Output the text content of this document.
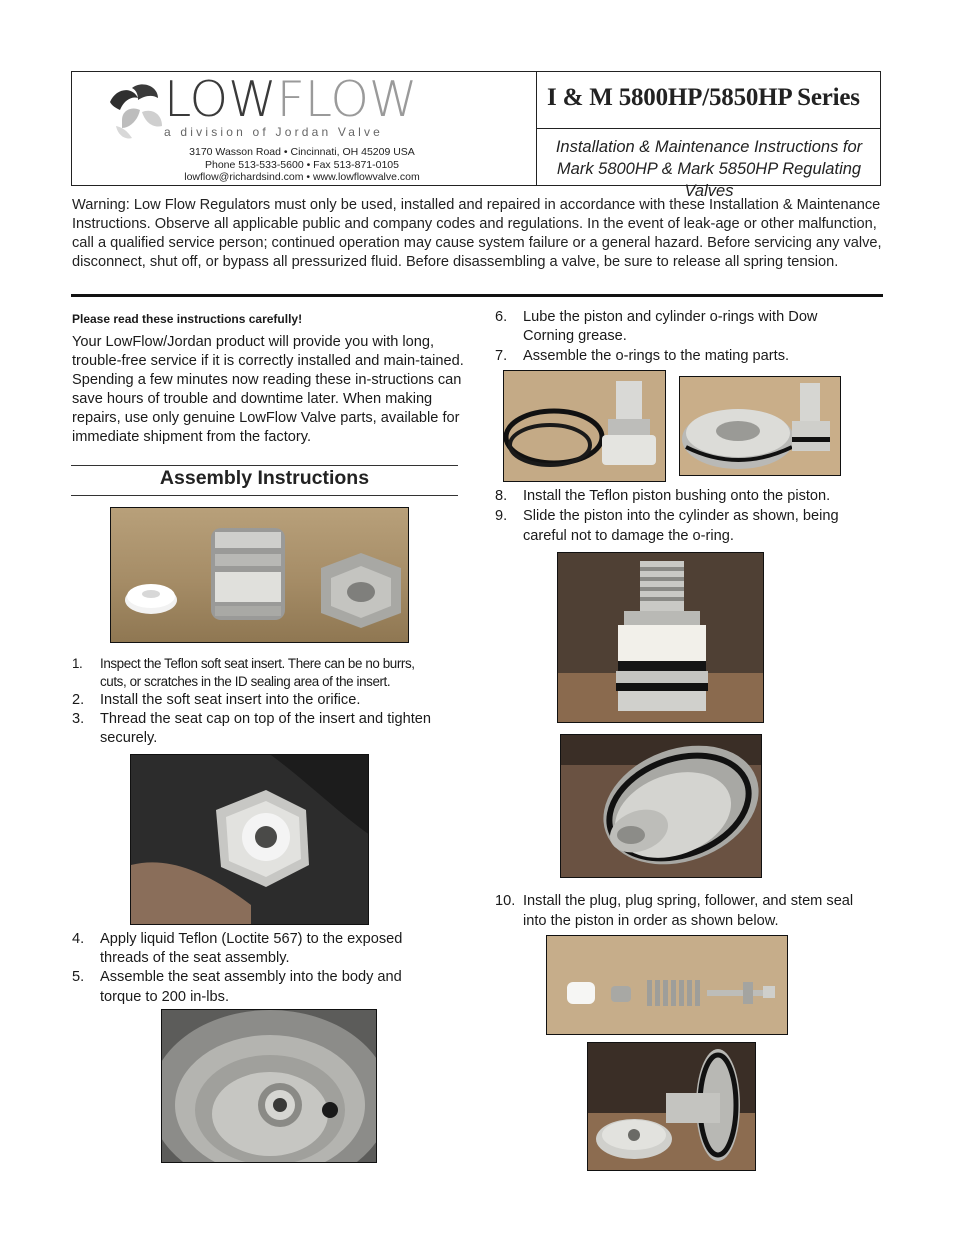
LOWFLOW
a division of Jordan Valve
3170 Wasson Road • Cincinnati, OH 45209 USA
Phone 513-533-5600 • Fax 513-871-0105
lowflow@richardsind.com • www.lowflowvalve.com
I & M 5800HP/5850HP Series
Installation & Maintenance Instructions for
Mark 5800HP & Mark 5850HP Regulating Valves
Warning: Low Flow Regulators must only be used, installed and repaired in accordance with these Installation & Maintenance Instructions. Observe all applicable public and company codes and regulations. In the event of leak-age or other malfunction, call a qualified service person; continued operation may cause system failure or a general hazard. Before servicing any valve, disconnect, shut off, or bypass all pressurized fluid. Before disassembling a valve, be sure to release all spring tension.
Please read these instructions carefully!
Your LowFlow/Jordan product will provide you with long, trouble-free service if it is correctly installed and main-tained. Spending a few minutes now reading these in-structions can save hours of trouble and downtime later. When making repairs, use only genuine LowFlow Valve parts, available for immediate shipment from the factory.
Assembly Instructions
1.	Inspect the Teflon soft seat insert. There can be no burrs,
cuts, or scratches in the ID sealing area of the insert.
2.	Install the soft seat insert into the orifice.
3.	Thread the seat cap on top of the insert and tighten
securely.
4.	Apply liquid Teflon (Loctite 567) to the exposed
threads of the seat assembly.
5.	Assemble the seat assembly into the body and
torque to 200 in-lbs.
6.	Lube the piston and cylinder o-rings with Dow
Corning grease.
7.	Assemble the o-rings to the mating parts.
8.	Install the Teflon piston bushing onto the piston.
9.	Slide the piston into the cylinder as shown, being
careful not to damage the o-ring.
10. Install the plug, plug spring, follower, and stem seal
into the piston in order as shown below.
